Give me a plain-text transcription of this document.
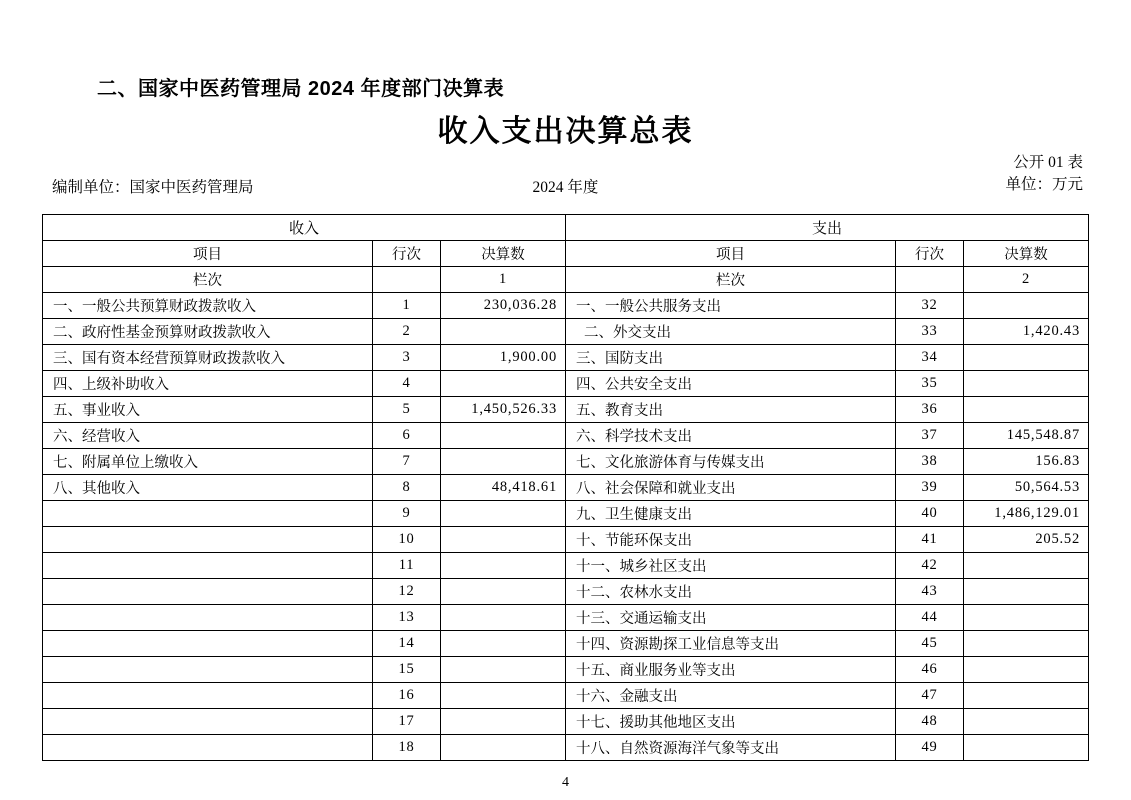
二、国家中医药管理局 2024 年度部门决算表
收入支出决算总表
公开 01 表
单位：万元
编制单位：国家中医药管理局	2024 年度
收入			支出		
项目	行次	决算数	项目	行次	决算数
栏次		1	栏次		2
一、一般公共预算财政拨款收入	1	230,036.28	一、一般公共服务支出	32	
二、政府性基金预算财政拨款收入	2		二、外交支出	33	1,420.43
三、国有资本经营预算财政拨款收入	3	1,900.00	三、国防支出	34	
四、上级补助收入	4		四、公共安全支出	35	
五、事业收入	5	1,450,526.33	五、教育支出	36	
六、经营收入	6		六、科学技术支出	37	145,548.87
七、附属单位上缴收入	7		七、文化旅游体育与传媒支出	38	156.83
八、其他收入	8	48,418.61	八、社会保障和就业支出	39	50,564.53
	9		九、卫生健康支出	40	1,486,129.01
	10		十、节能环保支出	41	205.52
	11		十一、城乡社区支出	42	
	12		十二、农林水支出	43	
	13		十三、交通运输支出	44	
	14		十四、资源勘探工业信息等支出	45	
	15		十五、商业服务业等支出	46	
	16		十六、金融支出	47	
	17		十七、援助其他地区支出	48	
	18		十八、自然资源海洋气象等支出	49	
4
